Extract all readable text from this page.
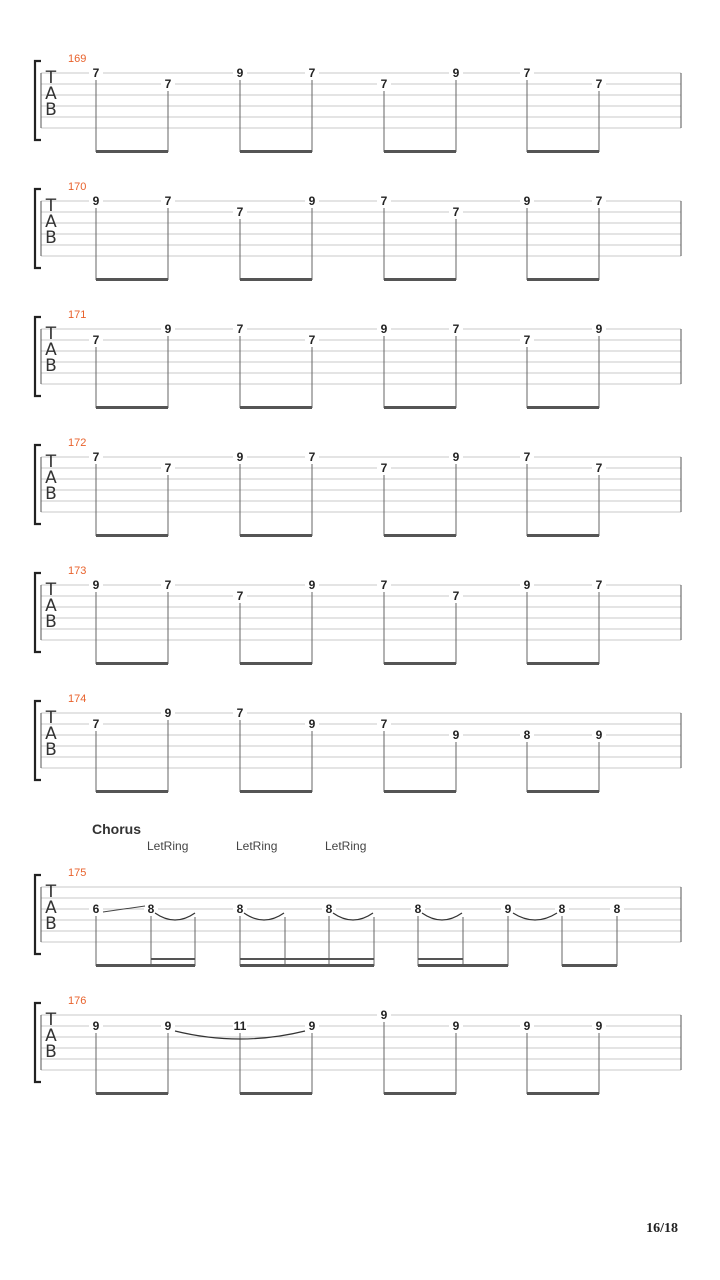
T
A
B
169
7
7
9	7
7
9	7
7
T
A
B
170
9	7
7
9	7
7
9	7
T
A
B
171
7
9	7
7
9	7
7
9
T
A
B
172
7
7
9	7
7
9	7
7
T
A
B
173
9	7
7
9	7
7
9	7
T
A
B
174
7
9	7
9	7
9	8	9
T
A
B
175
6	8	8	8	8	9	8	8
T
A
B
176
9	9	11	9
9
9	9	9
Chorus
LetRing	LetRing	LetRing
16/18
